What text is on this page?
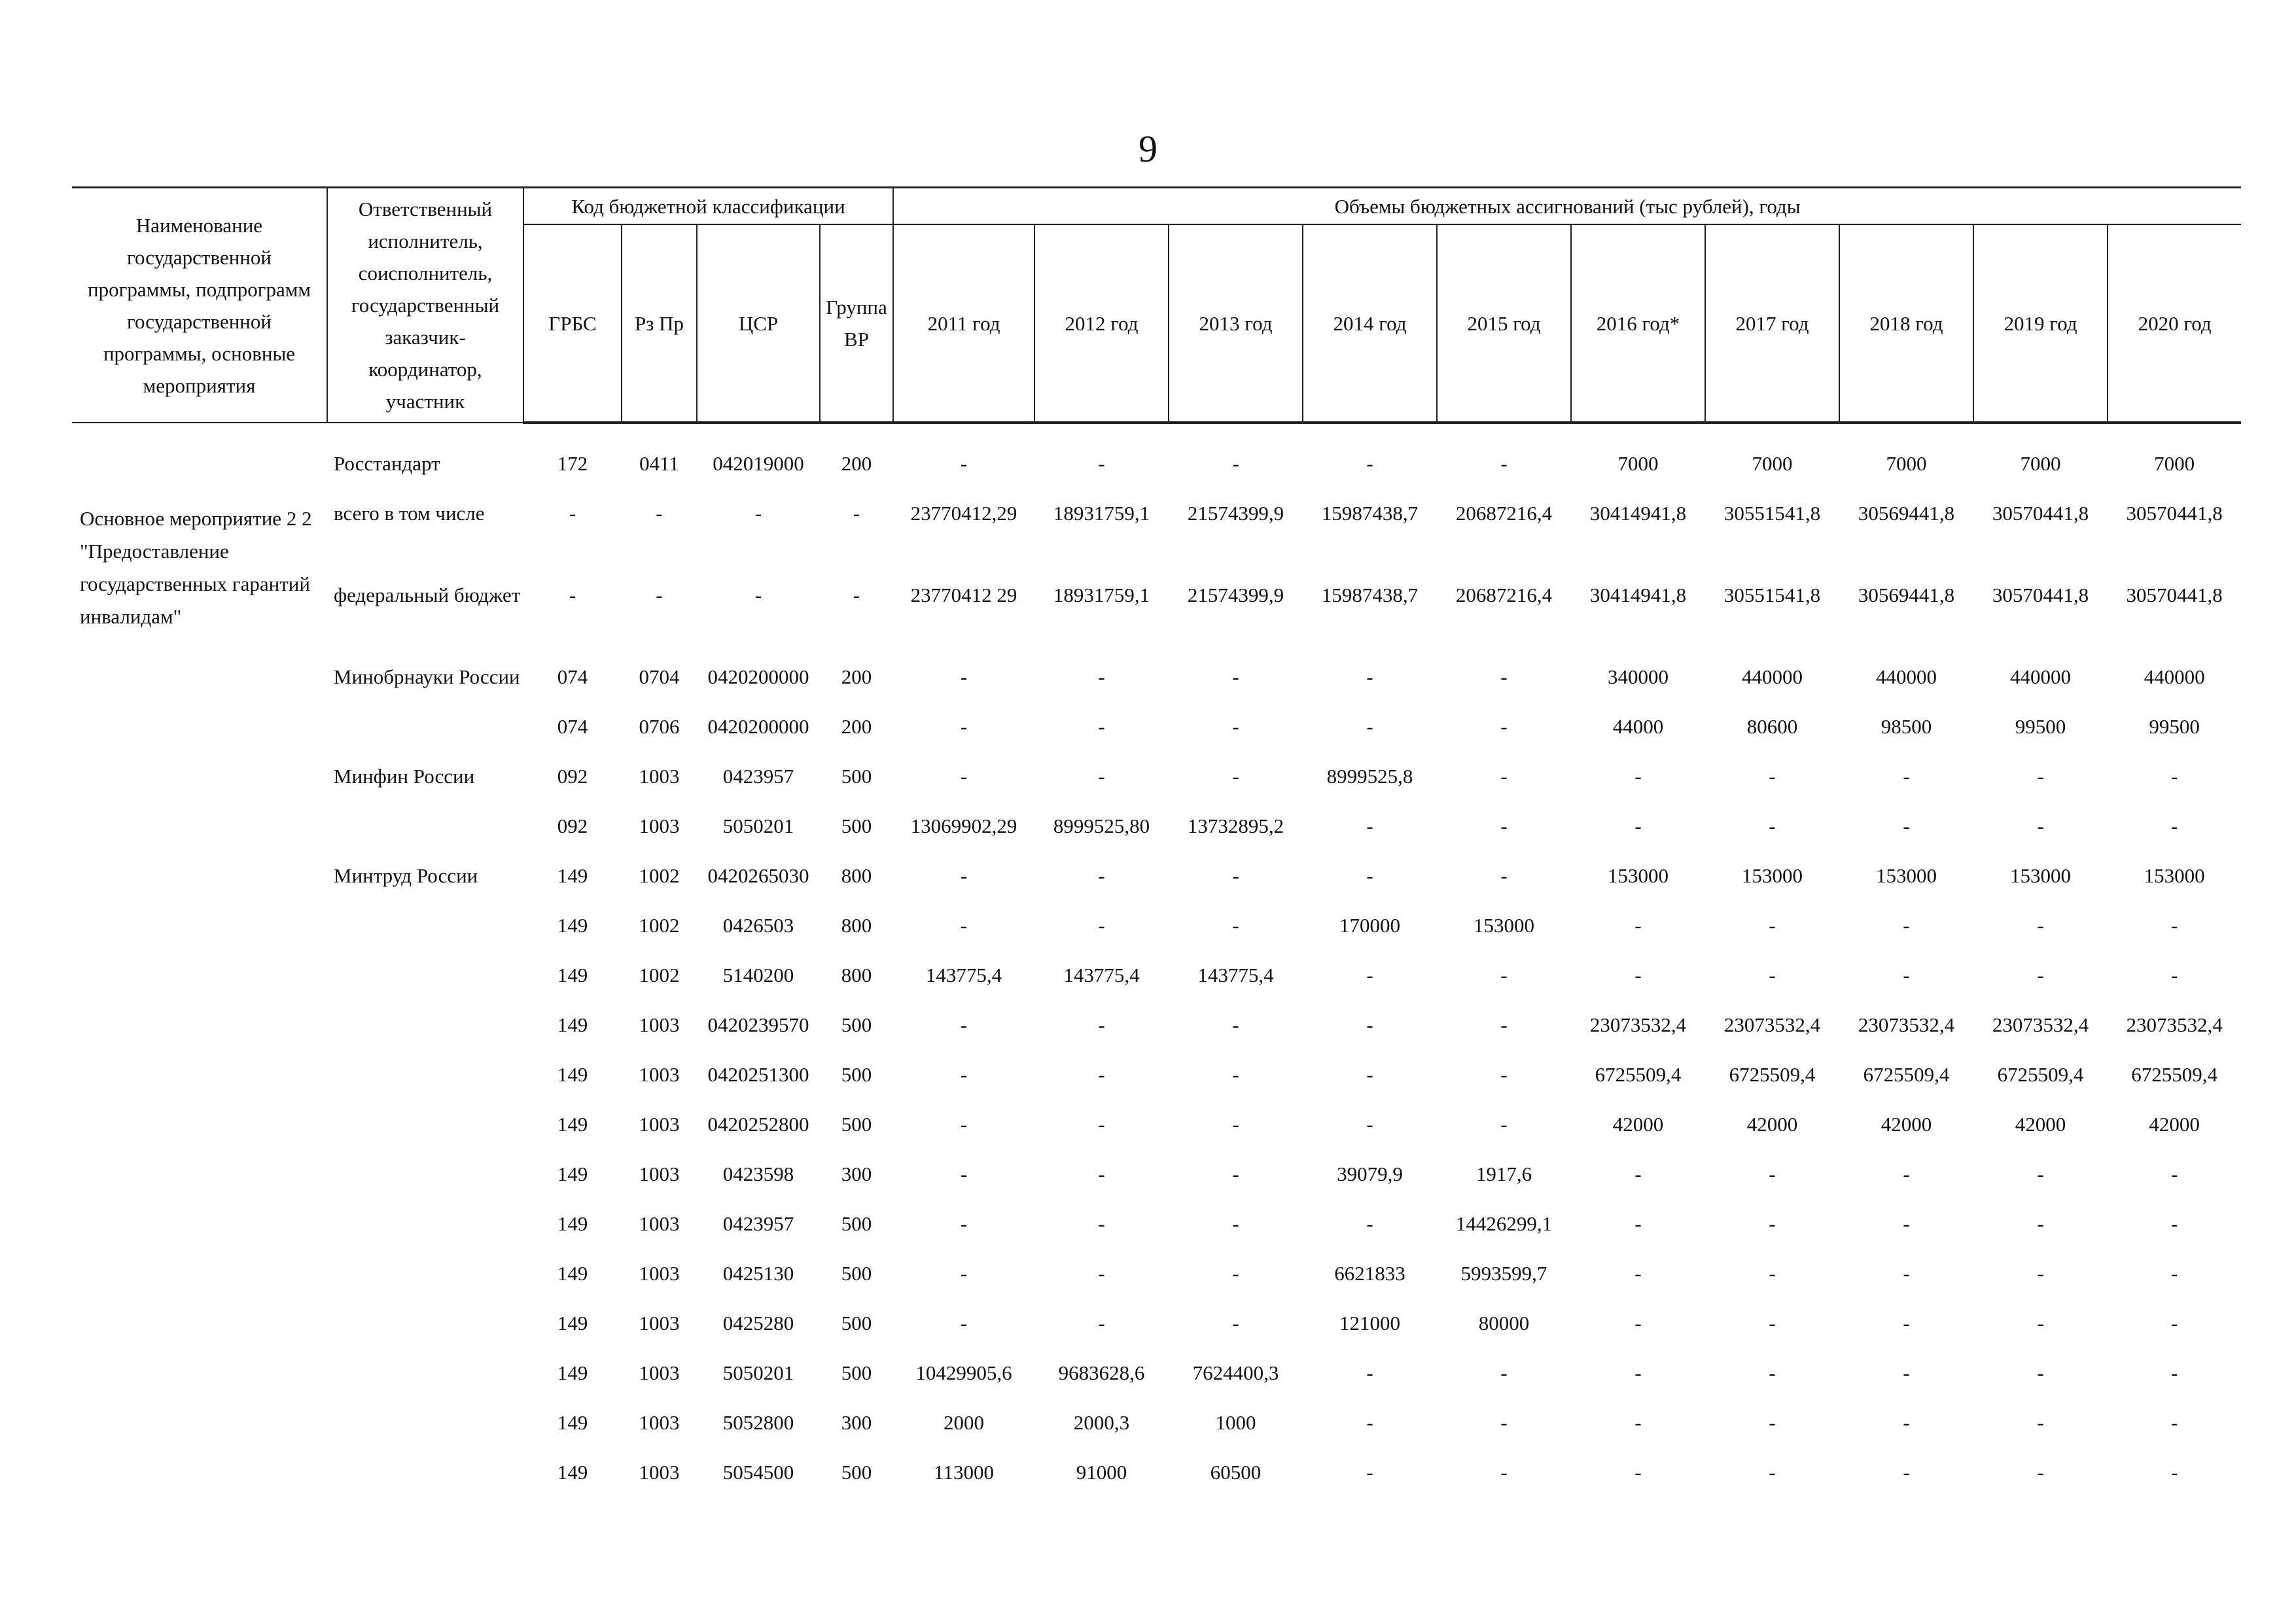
9
Наименование государственной программы, подпрограмм государственной программы, основные мероприятия	Ответственный исполнитель, соисполнитель, государственный заказчик-координатор, участник	Код бюджетной классификации				Объемы бюджетных ассигнований (тыс рублей), годы									
		ГРБС	Рз Пр	ЦСР	Группа ВР	2011 год	2012 год	2013 год	2014 год	2015 год	2016 год*	2017 год	2018 год	2019 год	2020 год

	Росстандарт	172	0411	042019000	200	-	-	-	-	-	7000	7000	7000	7000	7000
Основное мероприятие 2 2 "Предоставление государственных гарантий инвалидам"	всего в том числе	-	-	-	-	23770412,29	18931759,1	21574399,9	15987438,7	20687216,4	30414941,8	30551541,8	30569441,8	30570441,8	30570441,8
	федеральный бюджет	-	-	-	-	23770412 29	18931759,1	21574399,9	15987438,7	20687216,4	30414941,8	30551541,8	30569441,8	30570441,8	30570441,8
	Минобрнауки России	074	0704	0420200000	200	-	-	-	-	-	340000	440000	440000	440000	440000
		074	0706	0420200000	200	-	-	-	-	-	44000	80600	98500	99500	99500
	Минфин России	092	1003	0423957	500	-	-	-	8999525,8	-	-	-	-	-	-
		092	1003	5050201	500	13069902,29	8999525,80	13732895,2	-	-	-	-	-	-	-
	Минтруд России	149	1002	0420265030	800	-	-	-	-	-	153000	153000	153000	153000	153000
		149	1002	0426503	800	-	-	-	170000	153000	-	-	-	-	-
		149	1002	5140200	800	143775,4	143775,4	143775,4	-	-	-	-	-	-	-
		149	1003	0420239570	500	-	-	-	-	-	23073532,4	23073532,4	23073532,4	23073532,4	23073532,4
		149	1003	0420251300	500	-	-	-	-	-	6725509,4	6725509,4	6725509,4	6725509,4	6725509,4
		149	1003	0420252800	500	-	-	-	-	-	42000	42000	42000	42000	42000
		149	1003	0423598	300	-	-	-	39079,9	1917,6	-	-	-	-	-
		149	1003	0423957	500	-	-	-	-	14426299,1	-	-	-	-	-
		149	1003	0425130	500	-	-	-	6621833	5993599,7	-	-	-	-	-
		149	1003	0425280	500	-	-	-	121000	80000	-	-	-	-	-
		149	1003	5050201	500	10429905,6	9683628,6	7624400,3	-	-	-	-	-	-	-
		149	1003	5052800	300	2000	2000,3	1000	-	-	-	-	-	-	-
		149	1003	5054500	500	113000	91000	60500	-	-	-	-	-	-	-
